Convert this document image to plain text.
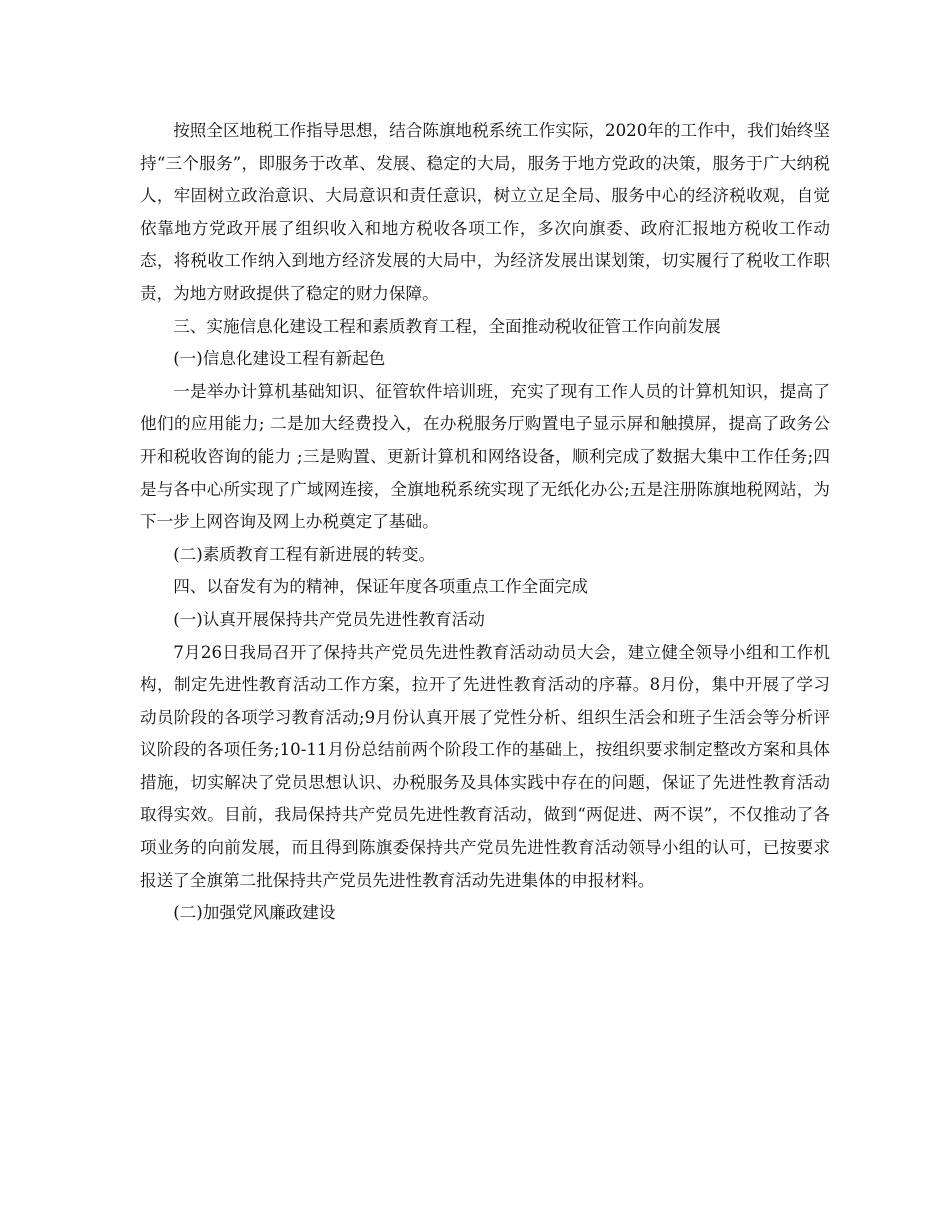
按照全区地税工作指导思想，结合陈旗地税系统工作实际，2020年的工作中，我们始终坚持“三个服务”，即服务于改革、发展、稳定的大局，服务于地方党政的决策，服务于广大纳税人，牢固树立政治意识、大局意识和责任意识，树立立足全局、服务中心的经济税收观，自觉依靠地方党政开展了组织收入和地方税收各项工作，多次向旗委、政府汇报地方税收工作动态，将税收工作纳入到地方经济发展的大局中，为经济发展出谋划策，切实履行了税收工作职责，为地方财政提供了稳定的财力保障。

三、实施信息化建设工程和素质教育工程，全面推动税收征管工作向前发展

(一)信息化建设工程有新起色

一是举办计算机基础知识、征管软件培训班，充实了现有工作人员的计算机知识，提高了他们的应用能力; 二是加大经费投入，在办税服务厅购置电子显示屏和触摸屏，提高了政务公开和税收咨询的能力 ;三是购置、更新计算机和网络设备，顺利完成了数据大集中工作任务;四是与各中心所实现了广域网连接，全旗地税系统实现了无纸化办公;五是注册陈旗地税网站，为下一步上网咨询及网上办税奠定了基础。

(二)素质教育工程有新进展的转变。

四、以奋发有为的精神，保证年度各项重点工作全面完成

(一)认真开展保持共产党员先进性教育活动

7月26日我局召开了保持共产党员先进性教育活动动员大会，建立健全领导小组和工作机构，制定先进性教育活动工作方案，拉开了先进性教育活动的序幕。8月份，集中开展了学习动员阶段的各项学习教育活动;9月份认真开展了党性分析、组织生活会和班子生活会等分析评议阶段的各项任务;10-11月份总结前两个阶段工作的基础上，按组织要求制定整改方案和具体措施，切实解决了党员思想认识、办税服务及具体实践中存在的问题，保证了先进性教育活动取得实效。目前，我局保持共产党员先进性教育活动，做到“两促进、两不误”，不仅推动了各项业务的向前发展，而且得到陈旗委保持共产党员先进性教育活动领导小组的认可，已按要求报送了全旗第二批保持共产党员先进性教育活动先进集体的申报材料。

(二)加强党风廉政建设
